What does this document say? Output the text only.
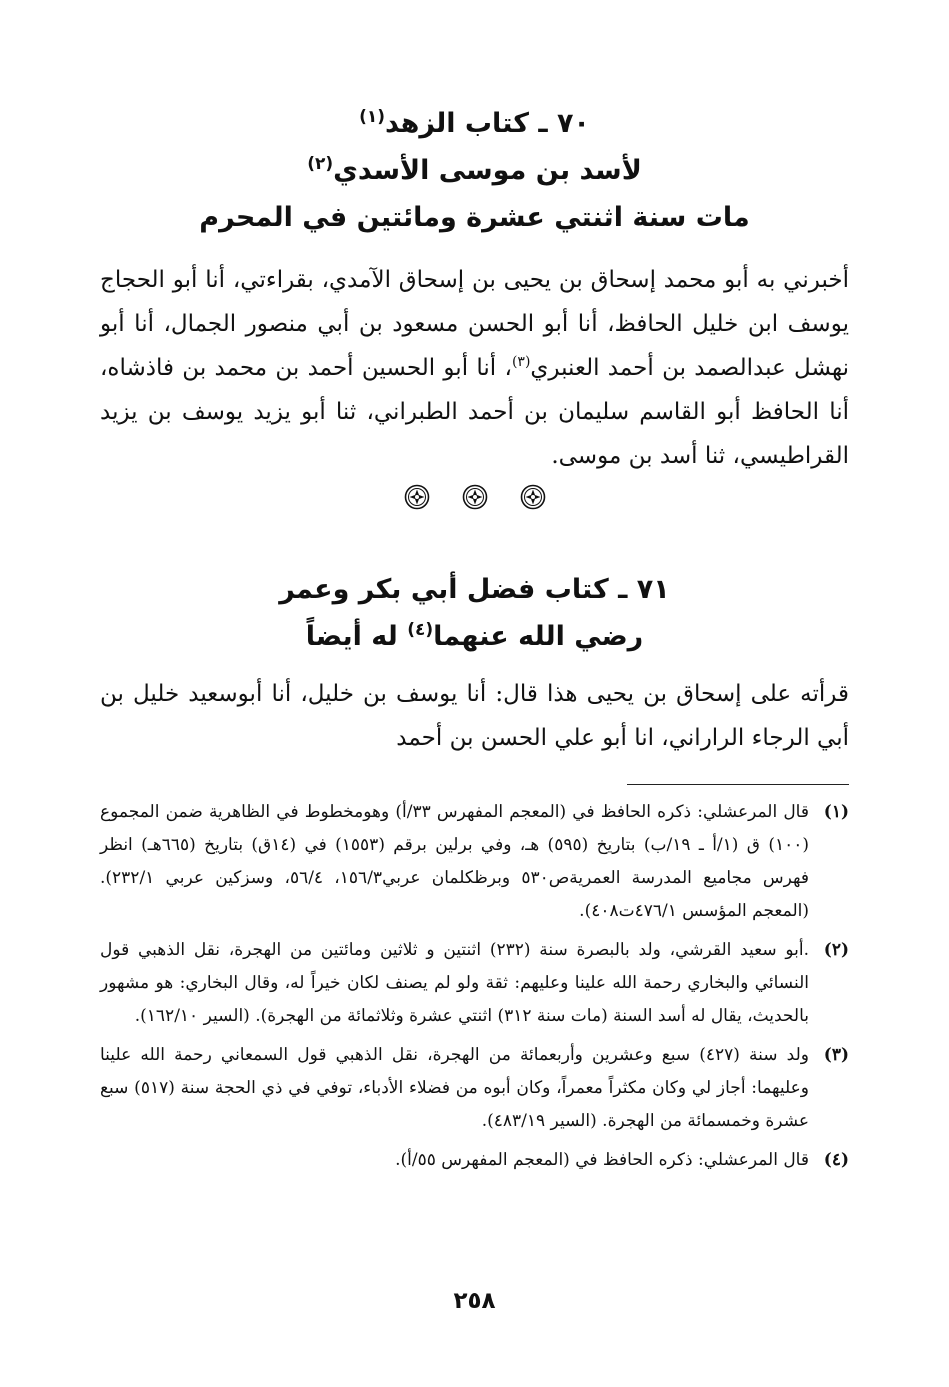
٧٠ ـ كتاب الزهد$^{(١)}$

لأسد بن موسى الأسدي$^{(٢)}$

مات سنة اثنتي عشرة ومائتين في المحرم

أخبرني به أبو محمد إسحاق بن يحيى بن إسحاق الآمدي، بقراءتي، أنا أبو الحجاج يوسف ابن خليل الحافظ، أنا أبو الحسن مسعود بن أبي منصور الجمال، أنا أبو نهشل عبدالصمد بن أحمد العنبري$^{(٣)}$، أنا أبو الحسين أحمد بن محمد بن فاذشاه، أنا الحافظ أبو القاسم سليمان بن أحمد الطبراني، ثنا أبو يزيد يوسف بن يزيد القراطيسي، ثنا أسد بن موسى.

٧١ ـ كتاب فضل أبي بكر وعمر

رضي الله عنهما$^{(٤)}$ له أيضاً

قرأته على إسحاق بن يحيى هذا قال: أنا يوسف بن خليل، أنا أبوسعيد خليل بن أبي الرجاء الراراني، انا أبو علي الحسن بن أحمد

(١)
قال المرعشلي: ذكره الحافظ في (المعجم المفهرس ٣٣/أ) وهومخطوط في الظاهرية ضمن المجموع (١٠٠) ق (١/أ ـ ١٩/ب) بتاريخ (٥٩٥) هـ، وفي برلين برقم (١٥٥٣) في (١٤ق) بتاريخ (٦٦٥هـ) انظر فهرس مجاميع المدرسة العمريةص٥٣٠ وبرظكلمان عربي١٥٦/٣، ٥٦/٤، وسزكين عربي ٢٣٢/١). (المعجم المؤسس ٤٧٦/١ت٤٠٨).
(٢)
.أبو سعيد القرشي، ولد بالبصرة سنة (٢٣٢) اثنتين و ثلاثين ومائتين من الهجرة، نقل الذهبي قول النسائي والبخاري رحمة الله علينا وعليهم: ثقة ولو لم يصنف لكان خيراً له، وقال البخاري: هو مشهور بالحديث، يقال له أسد السنة (مات سنة ٣١٢) اثنتي عشرة وثلاثمائة من الهجرة). (السير ١٦٢/١٠).
(٣)
ولد سنة (٤٢٧) سبع وعشرين وأربعمائة من الهجرة، نقل الذهبي قول السمعاني رحمة الله علينا وعليهما: أجاز لي وكان مكثراً معمراً، وكان أبوه من فضلاء الأدباء، توفي في ذي الحجة سنة (٥١٧) سبع عشرة وخمسمائة من الهجرة. (السير ٤٨٣/١٩).
(٤)
قال المرعشلي: ذكره الحافظ في (المعجم المفهرس ٥٥/أ).
٢٥٨
